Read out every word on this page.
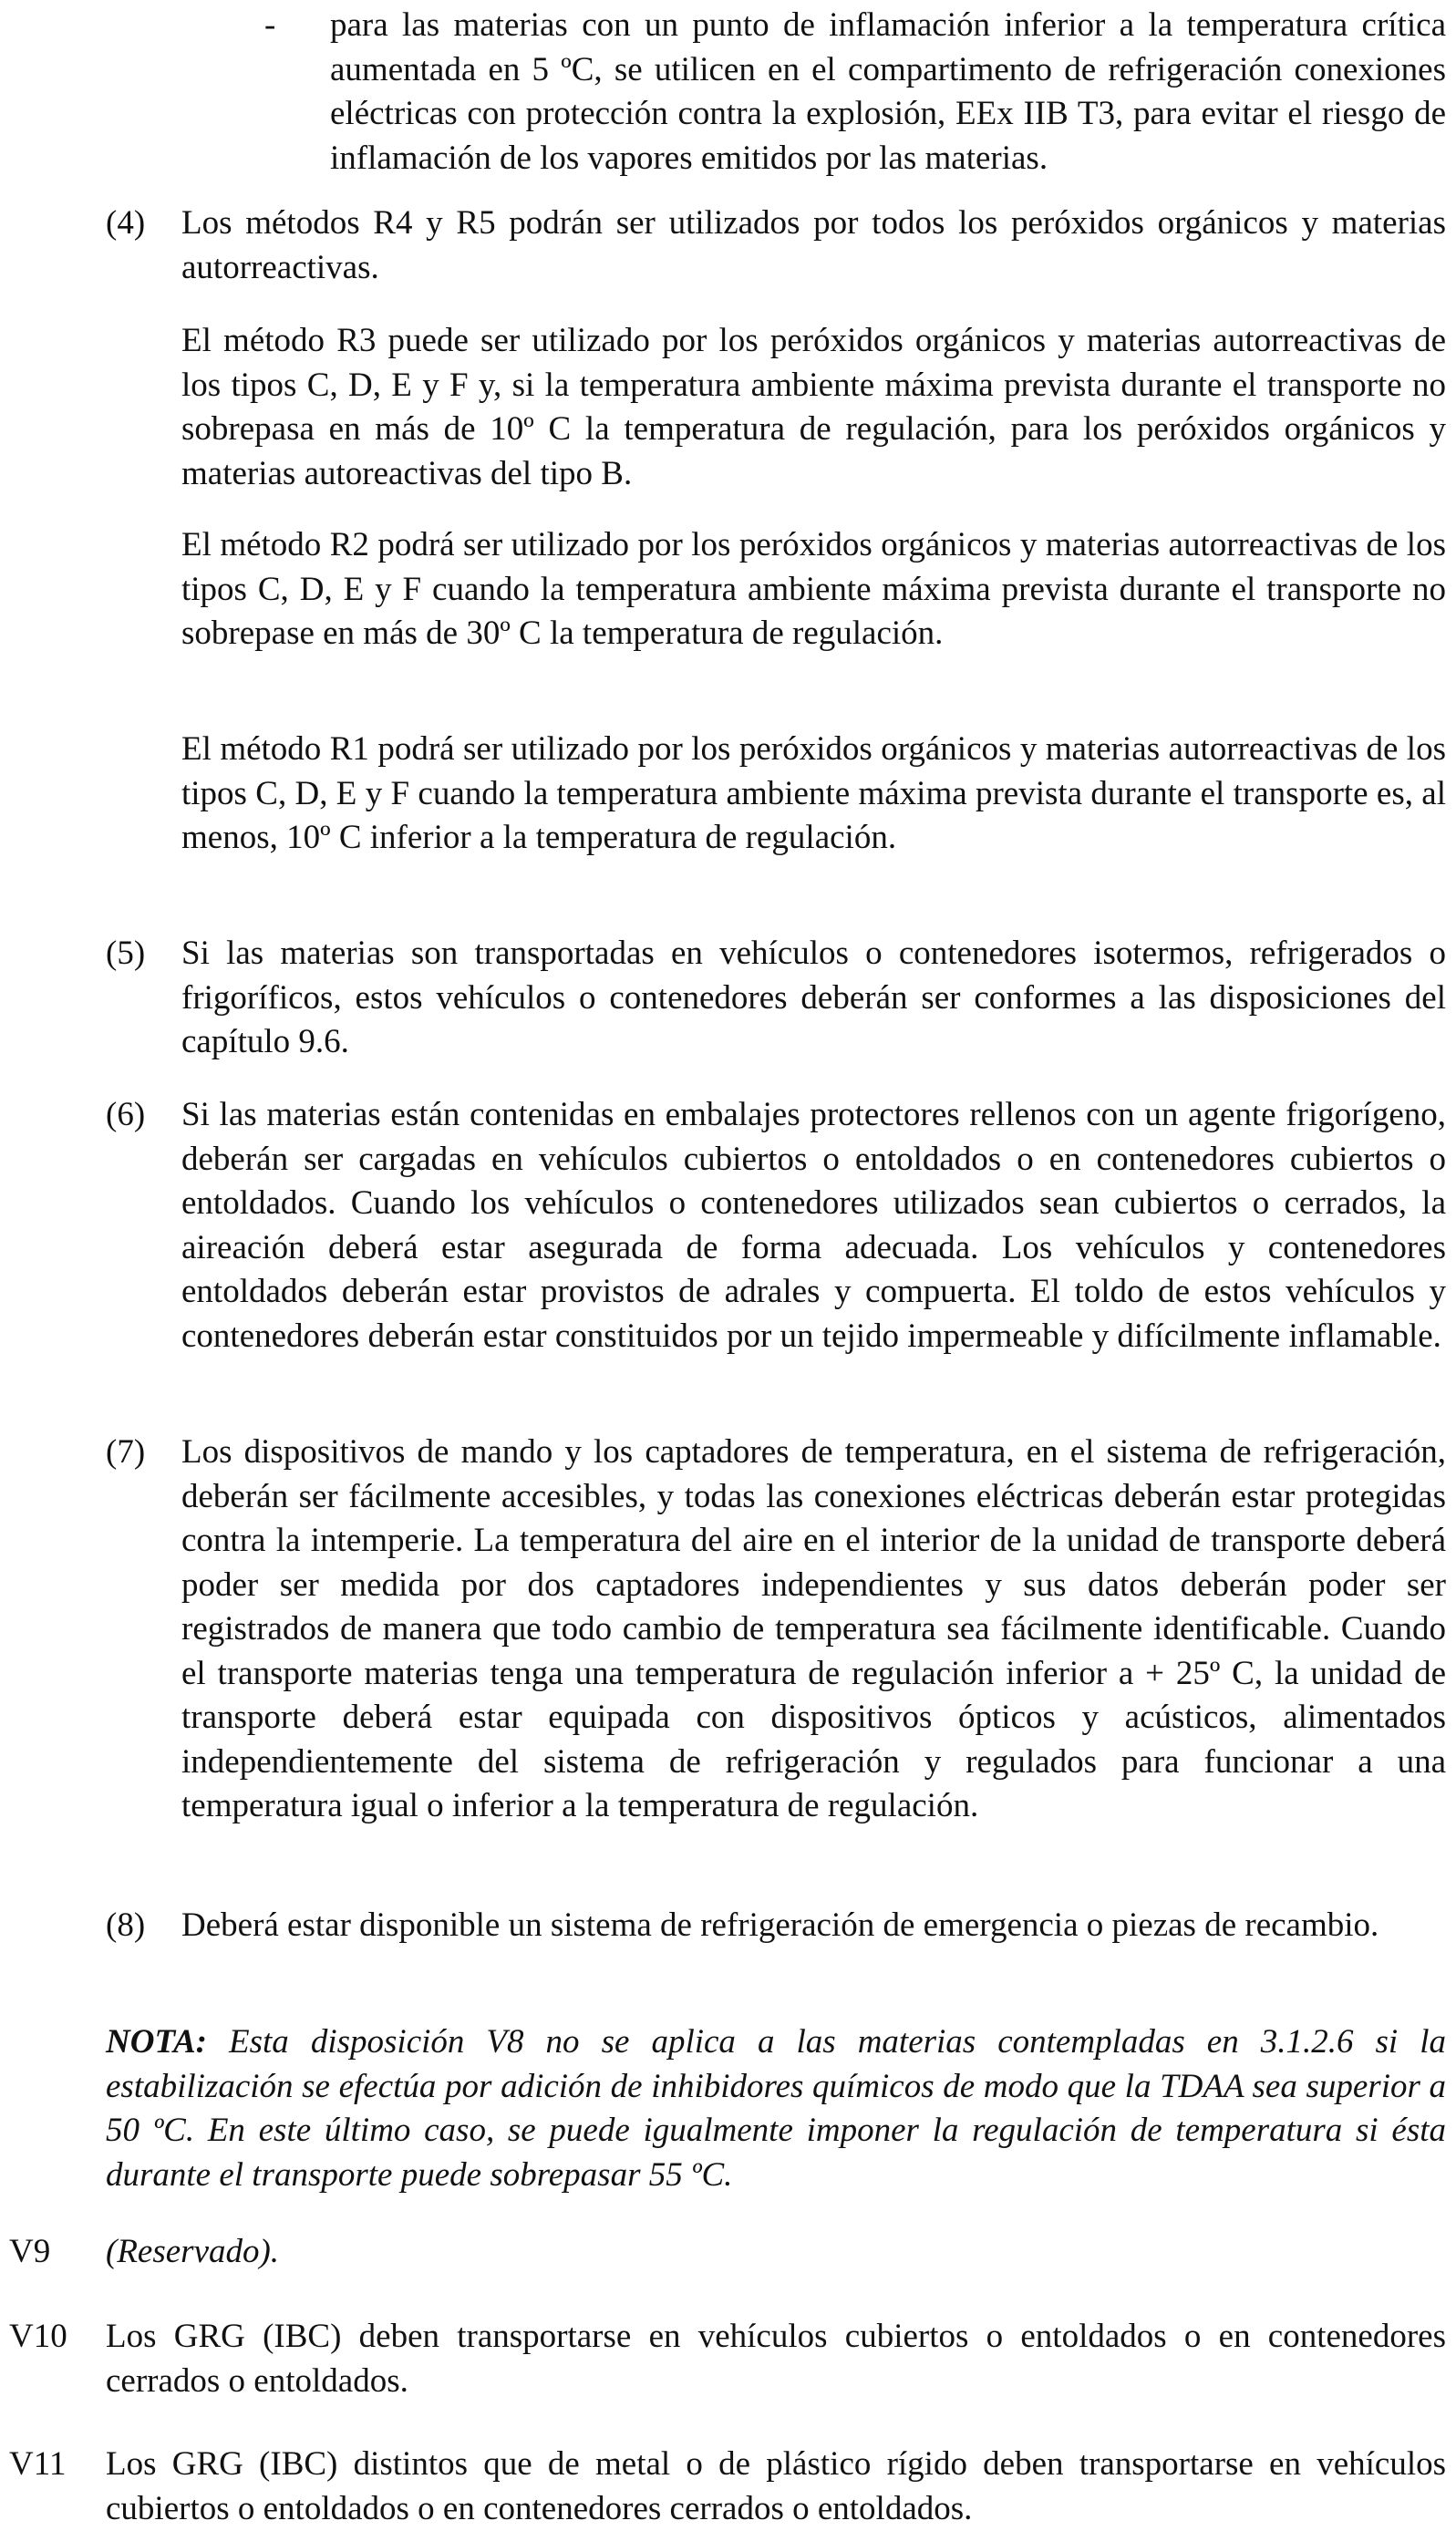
- para las materias con un punto de inflamación inferior a la temperatura crítica aumentada en 5 ºC, se utilicen en el compartimento de refrigeración conexiones eléctricas con protección contra la explosión, EEx IIB T3, para evitar el riesgo de inflamación de los vapores emitidos por las materias.

(4) Los métodos R4 y R5 podrán ser utilizados por todos los peróxidos orgánicos y materias autorreactivas.

El método R3 puede ser utilizado por los peróxidos orgánicos y materias autorreactivas de los tipos C, D, E y F y, si la temperatura ambiente máxima prevista durante el transporte no sobrepasa en más de 10º C la temperatura de regulación, para los peróxidos orgánicos y materias autoreactivas del tipo B.

El método R2 podrá ser utilizado por los peróxidos orgánicos y materias autorreactivas de los tipos C, D, E y F cuando la temperatura ambiente máxima prevista durante el transporte no sobrepase en más de 30º C la temperatura de regulación.

El método R1 podrá ser utilizado por los peróxidos orgánicos y materias autorreactivas de los tipos C, D, E y F cuando la temperatura ambiente máxima prevista durante el transporte es, al menos, 10º C inferior a la temperatura de regulación.

(5) Si las materias son transportadas en vehículos o contenedores isotermos, refrigerados o frigoríficos, estos vehículos o contenedores deberán ser conformes a las disposiciones del capítulo 9.6.

(6) Si las materias están contenidas en embalajes protectores rellenos con un agente frigorígeno, deberán ser cargadas en vehículos cubiertos o entoldados o en contenedores cubiertos o entoldados. Cuando los vehículos o contenedores utilizados sean cubiertos o cerrados, la aireación deberá estar asegurada de forma adecuada. Los vehículos y contenedores entoldados deberán estar provistos de adrales y compuerta. El toldo de estos vehículos y contenedores deberán estar constituidos por un tejido impermeable y difícilmente inflamable.

(7) Los dispositivos de mando y los captadores de temperatura, en el sistema de refrigeración, deberán ser fácilmente accesibles, y todas las conexiones eléctricas deberán estar protegidas contra la intemperie. La temperatura del aire en el interior de la unidad de transporte deberá poder ser medida por dos captadores independientes y sus datos deberán poder ser registrados de manera que todo cambio de temperatura sea fácilmente identificable. Cuando el transporte materias tenga una temperatura de regulación inferior a + 25º C, la unidad de transporte deberá estar equipada con dispositivos ópticos y acústicos, alimentados independientemente del sistema de refrigeración y regulados para funcionar a una temperatura igual o inferior a la temperatura de regulación.

(8) Deberá estar disponible un sistema de refrigeración de emergencia o piezas de recambio.

NOTA: Esta disposición V8 no se aplica a las materias contempladas en 3.1.2.6 si la estabilización se efectúa por adición de inhibidores químicos de modo que la TDAA sea superior a 50 ºC. En este último caso, se puede igualmente imponer la regulación de temperatura si ésta durante el transporte puede sobrepasar 55 ºC.

V9 (Reservado).

V10 Los GRG (IBC) deben transportarse en vehículos cubiertos o entoldados o en contenedores cerrados o entoldados.

V11 Los GRG (IBC) distintos que de metal o de plástico rígido deben transportarse en vehículos cubiertos o entoldados o en contenedores cerrados o entoldados.
